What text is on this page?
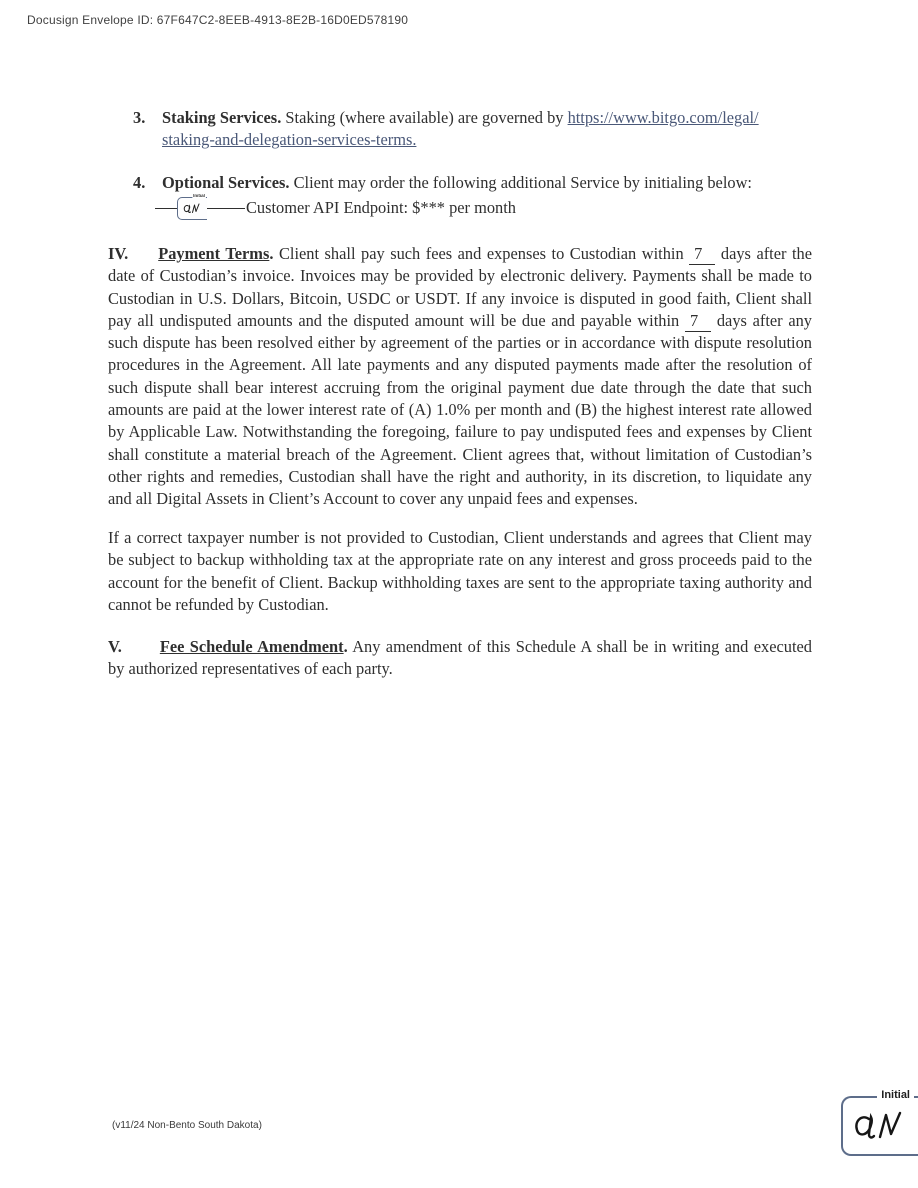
Docusign Envelope ID: 67F647C2-8EEB-4913-8E2B-16D0ED578190
3. Staking Services. Staking (where available) are governed by https://www.bitgo.com/legal/
staking-and-delegation-services-terms.
4. Optional Services. Client may order the following additional Service by initialing below:
Initial
Customer API Endpoint: $*** per month
IV. Payment Terms. Client shall pay such fees and expenses to Custodian within 7 days after the date of Custodian’s invoice. Invoices may be provided by electronic delivery. Payments shall be made to Custodian in U.S. Dollars, Bitcoin, USDC or USDT. If any invoice is disputed in good faith, Client shall pay all undisputed amounts and the disputed amount will be due and payable within 7 days after any such dispute has been resolved either by agreement of the parties or in accordance with dispute resolution procedures in the Agreement. All late payments and any disputed payments made after the resolution of such dispute shall bear interest accruing from the original payment due date through the date that such amounts are paid at the lower interest rate of (A) 1.0% per month and (B) the highest interest rate allowed by Applicable Law. Notwithstanding the foregoing, failure to pay undisputed fees and expenses by Client shall constitute a material breach of the Agreement. Client agrees that, without limitation of Custodian’s other rights and remedies, Custodian shall have the right and authority, in its discretion, to liquidate any and all Digital Assets in Client’s Account to cover any unpaid fees and expenses.
If a correct taxpayer number is not provided to Custodian, Client understands and agrees that Client may be subject to backup withholding tax at the appropriate rate on any interest and gross proceeds paid to the account for the benefit of Client. Backup withholding taxes are sent to the appropriate taxing authority and cannot be refunded by Custodian.
V. Fee Schedule Amendment. Any amendment of this Schedule A shall be in writing and executed by authorized representatives of each party.
(v11/24 Non-Bento South Dakota)
Initial
